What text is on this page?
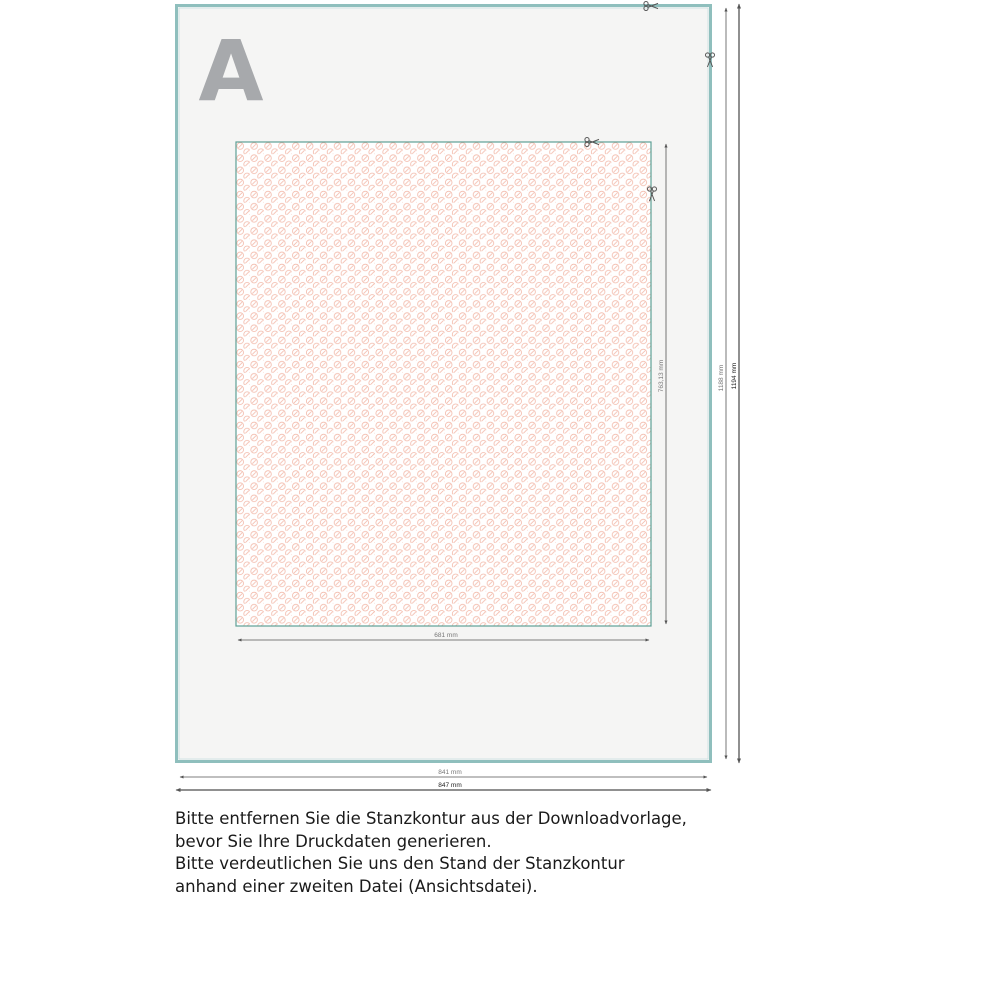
A
681 mm
763,13 mm
841 mm
847 mm
1188 mm 1194 mm
Bitte entfernen Sie die Stanzkontur aus der Downloadvorlage,
bevor Sie Ihre Druckdaten generieren.
Bitte verdeutlichen Sie uns den Stand der Stanzkontur
anhand einer zweiten Datei (Ansichtsdatei).
